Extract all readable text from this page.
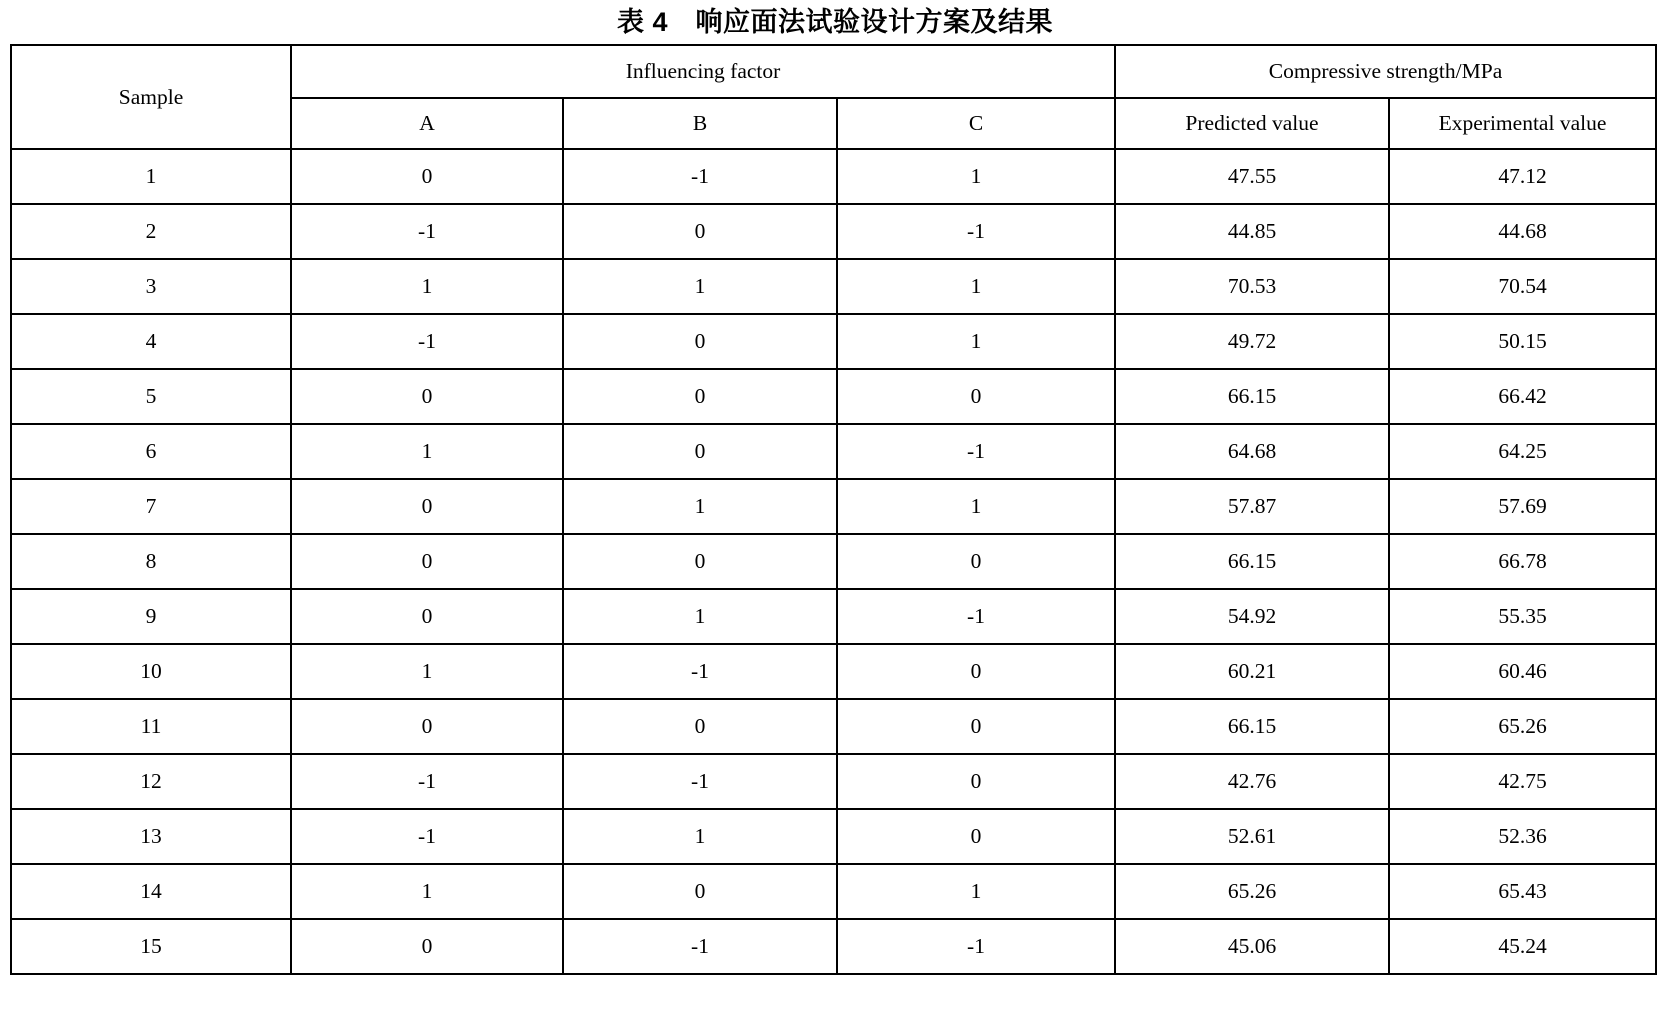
表 4　响应面法试验设计方案及结果
Sample	Influencing factor			Compressive strength/MPa	
	A	B	C	Predicted value	Experimental value
1	0	-1	1	47.55	47.12
2	-1	0	-1	44.85	44.68
3	1	1	1	70.53	70.54
4	-1	0	1	49.72	50.15
5	0	0	0	66.15	66.42
6	1	0	-1	64.68	64.25
7	0	1	1	57.87	57.69
8	0	0	0	66.15	66.78
9	0	1	-1	54.92	55.35
10	1	-1	0	60.21	60.46
11	0	0	0	66.15	65.26
12	-1	-1	0	42.76	42.75
13	-1	1	0	52.61	52.36
14	1	0	1	65.26	65.43
15	0	-1	-1	45.06	45.24
